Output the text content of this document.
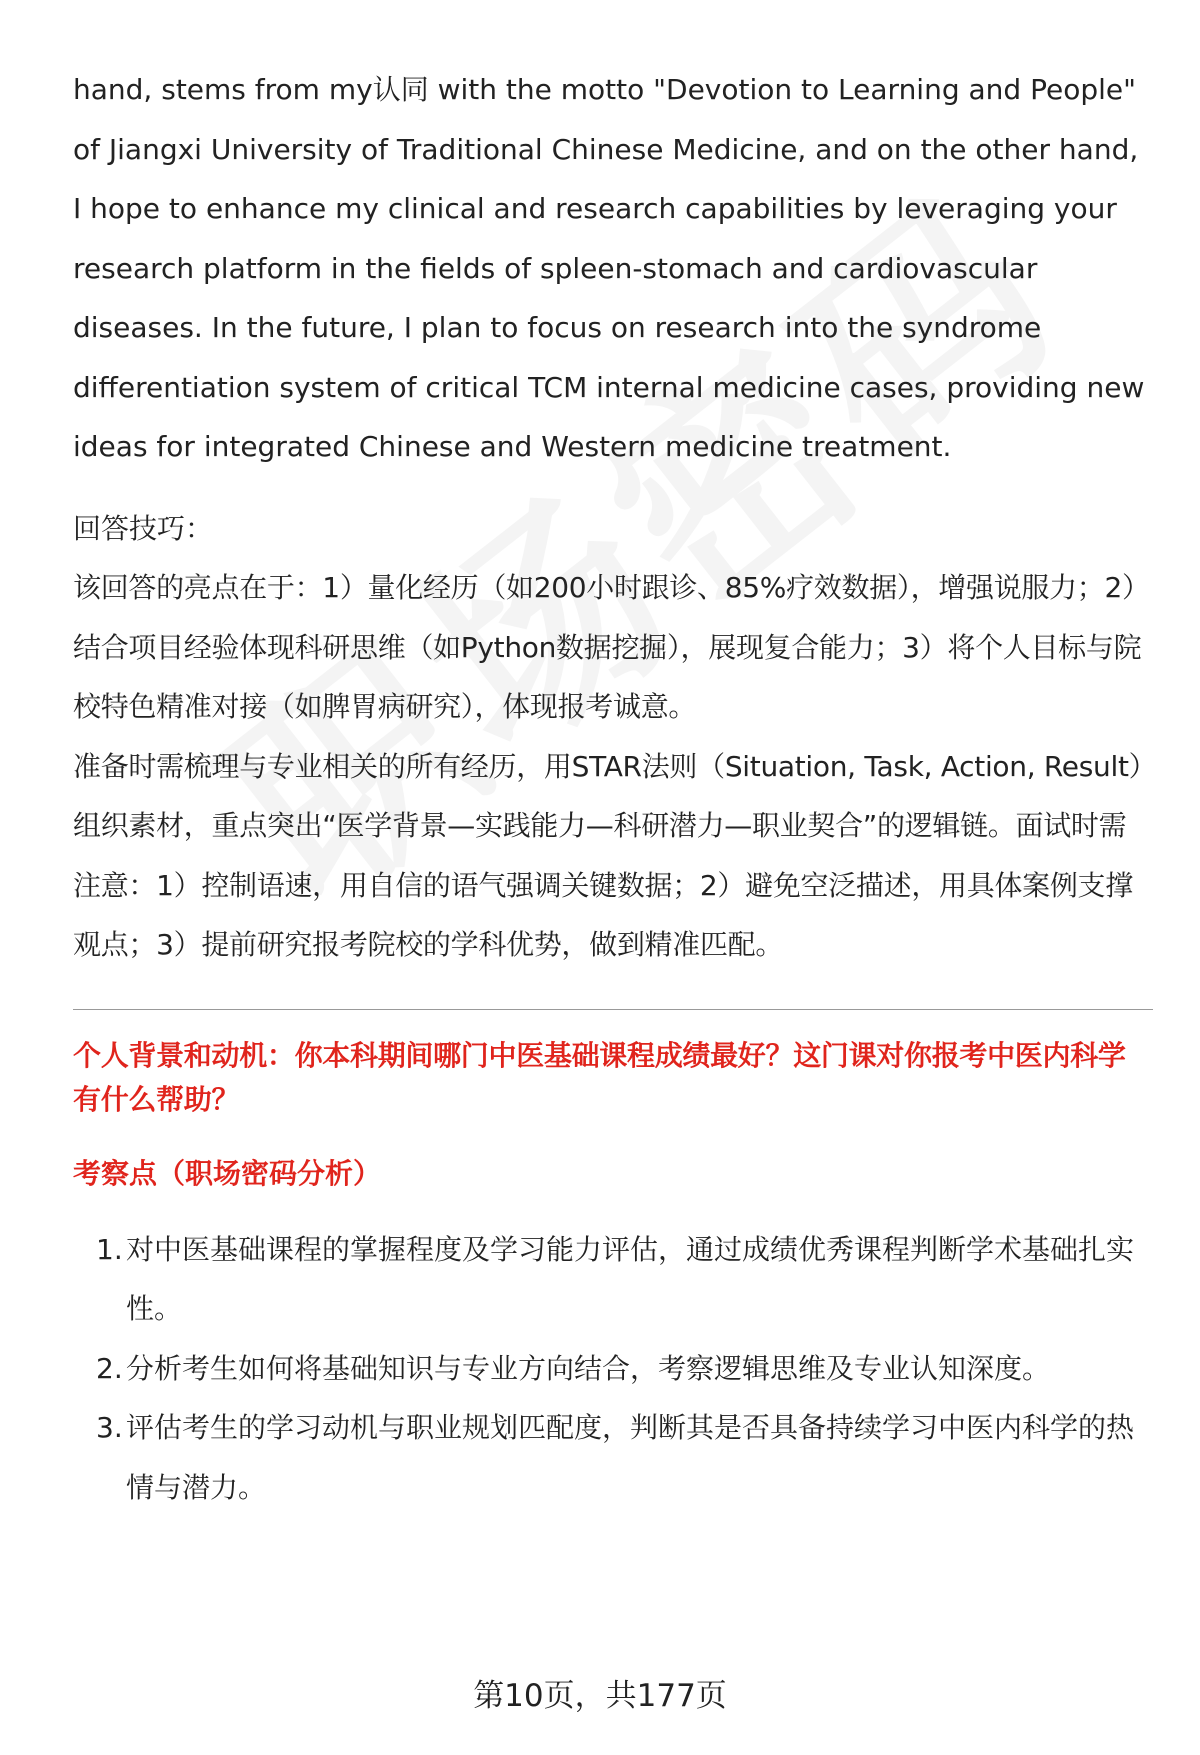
hand, stems from my认同 with the motto "Devotion to Learning and People" of Jiangxi University of Traditional Chinese Medicine, and on the other hand, I hope to enhance my clinical and research capabilities by leveraging your research platform in the fields of spleen-stomach and cardiovascular diseases. In the future, I plan to focus on research into the syndrome differentiation system of critical TCM internal medicine cases, providing new ideas for integrated Chinese and Western medicine treatment.

回答技巧：

该回答的亮点在于：1）量化经历（如200小时跟诊、85%疗效数据），增强说服力；2）结合项目经验体现科研思维（如Python数据挖掘），展现复合能力；3）将个人目标与院校特色精准对接（如脾胃病研究），体现报考诚意。

准备时需梳理与专业相关的所有经历，用STAR法则（Situation, Task, Action, Result）组织素材，重点突出“医学背景—实践能力—科研潜力—职业契合”的逻辑链。面试时需注意：1）控制语速，用自信的语气强调关键数据；2）避免空泛描述，用具体案例支撑观点；3）提前研究报考院校的学科优势，做到精准匹配。

个人背景和动机：你本科期间哪门中医基础课程成绩最好？这门课对你报考中医内科学有什么帮助？

考察点（职场密码分析）

1. 对中医基础课程的掌握程度及学习能力评估，通过成绩优秀课程判断学术基础扎实性。
2. 分析考生如何将基础知识与专业方向结合，考察逻辑思维及专业认知深度。
3. 评估考生的学习动机与职业规划匹配度，判断其是否具备持续学习中医内科学的热情与潜力。
第10页，共177页
